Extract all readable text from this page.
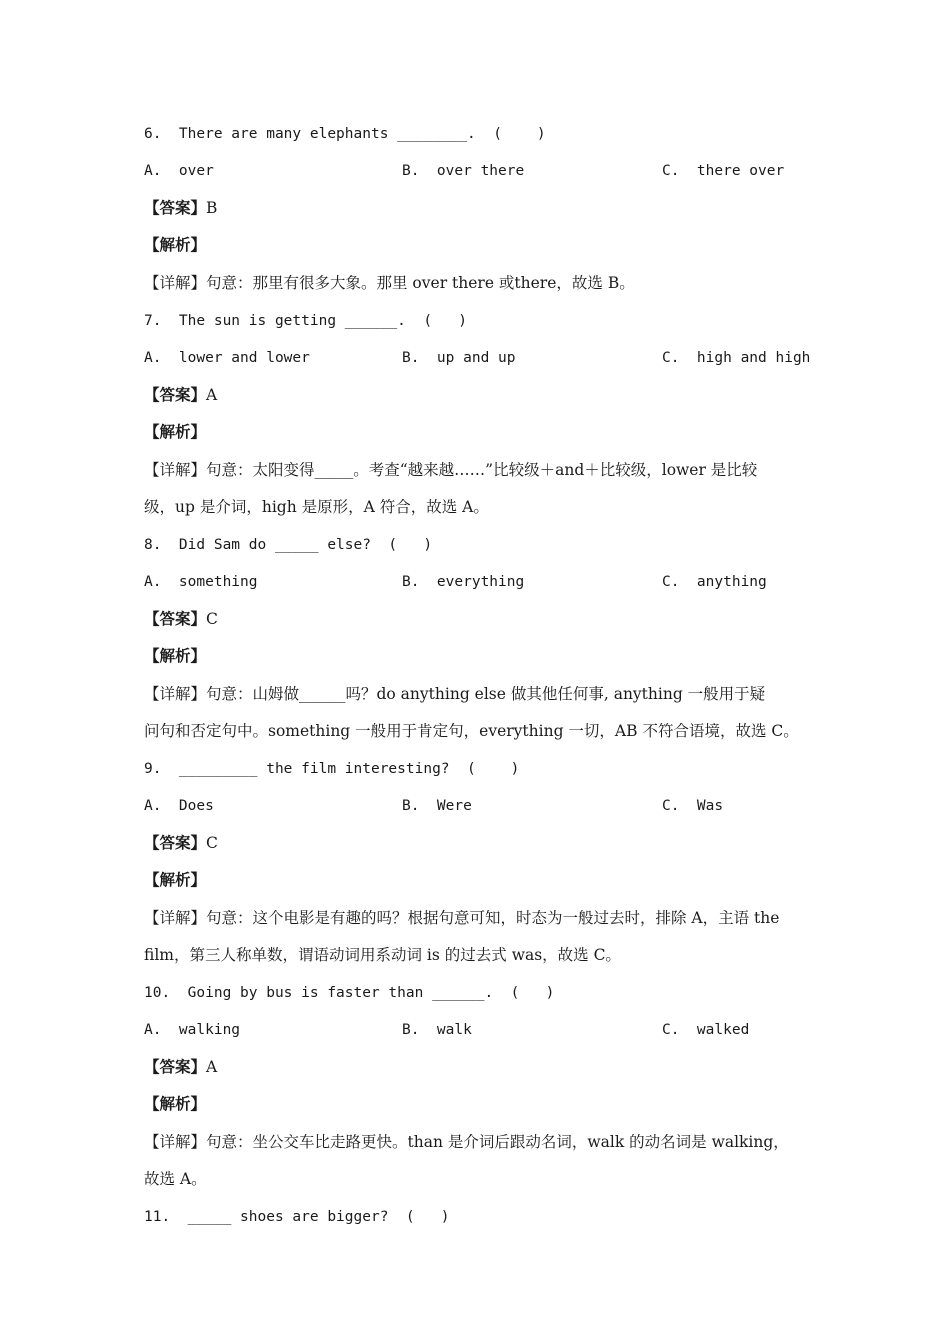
6.  There are many elephants ________.  (    )
A.  over	B.  over there	C.  there over
【答案】B
【解析】
【详解】句意：那里有很多大象。那里 over there 或there，故选 B。
7.  The sun is getting ______.  (   )
A.  lower and lower	B.  up and up	C.  high and high
【答案】A
【解析】
【详解】句意：太阳变得_____。考查“越来越……”比较级＋and＋比较级，lower 是比较
级，up 是介词，high 是原形，A 符合，故选 A。
8.  Did Sam do _____ else?  (   )
A.  something	B.  everything	C.  anything
【答案】C
【解析】
【详解】句意：山姆做______吗？do anything else 做其他任何事, anything 一般用于疑
问句和否定句中。something 一般用于肯定句，everything 一切，AB 不符合语境，故选 C。
9.  _________ the film interesting?  (    )
A.  Does	B.  Were	C.  Was
【答案】C
【解析】
【详解】句意：这个电影是有趣的吗？根据句意可知，时态为一般过去时，排除 A，主语 the
film，第三人称单数，谓语动词用系动词 is 的过去式 was，故选 C。
10.  Going by bus is faster than ______.  (   )
A.  walking	B.  walk	C.  walked
【答案】A
【解析】
【详解】句意：坐公交车比走路更快。than 是介词后跟动名词，walk 的动名词是 walking，
故选 A。
11.  _____ shoes are bigger?  (   )
